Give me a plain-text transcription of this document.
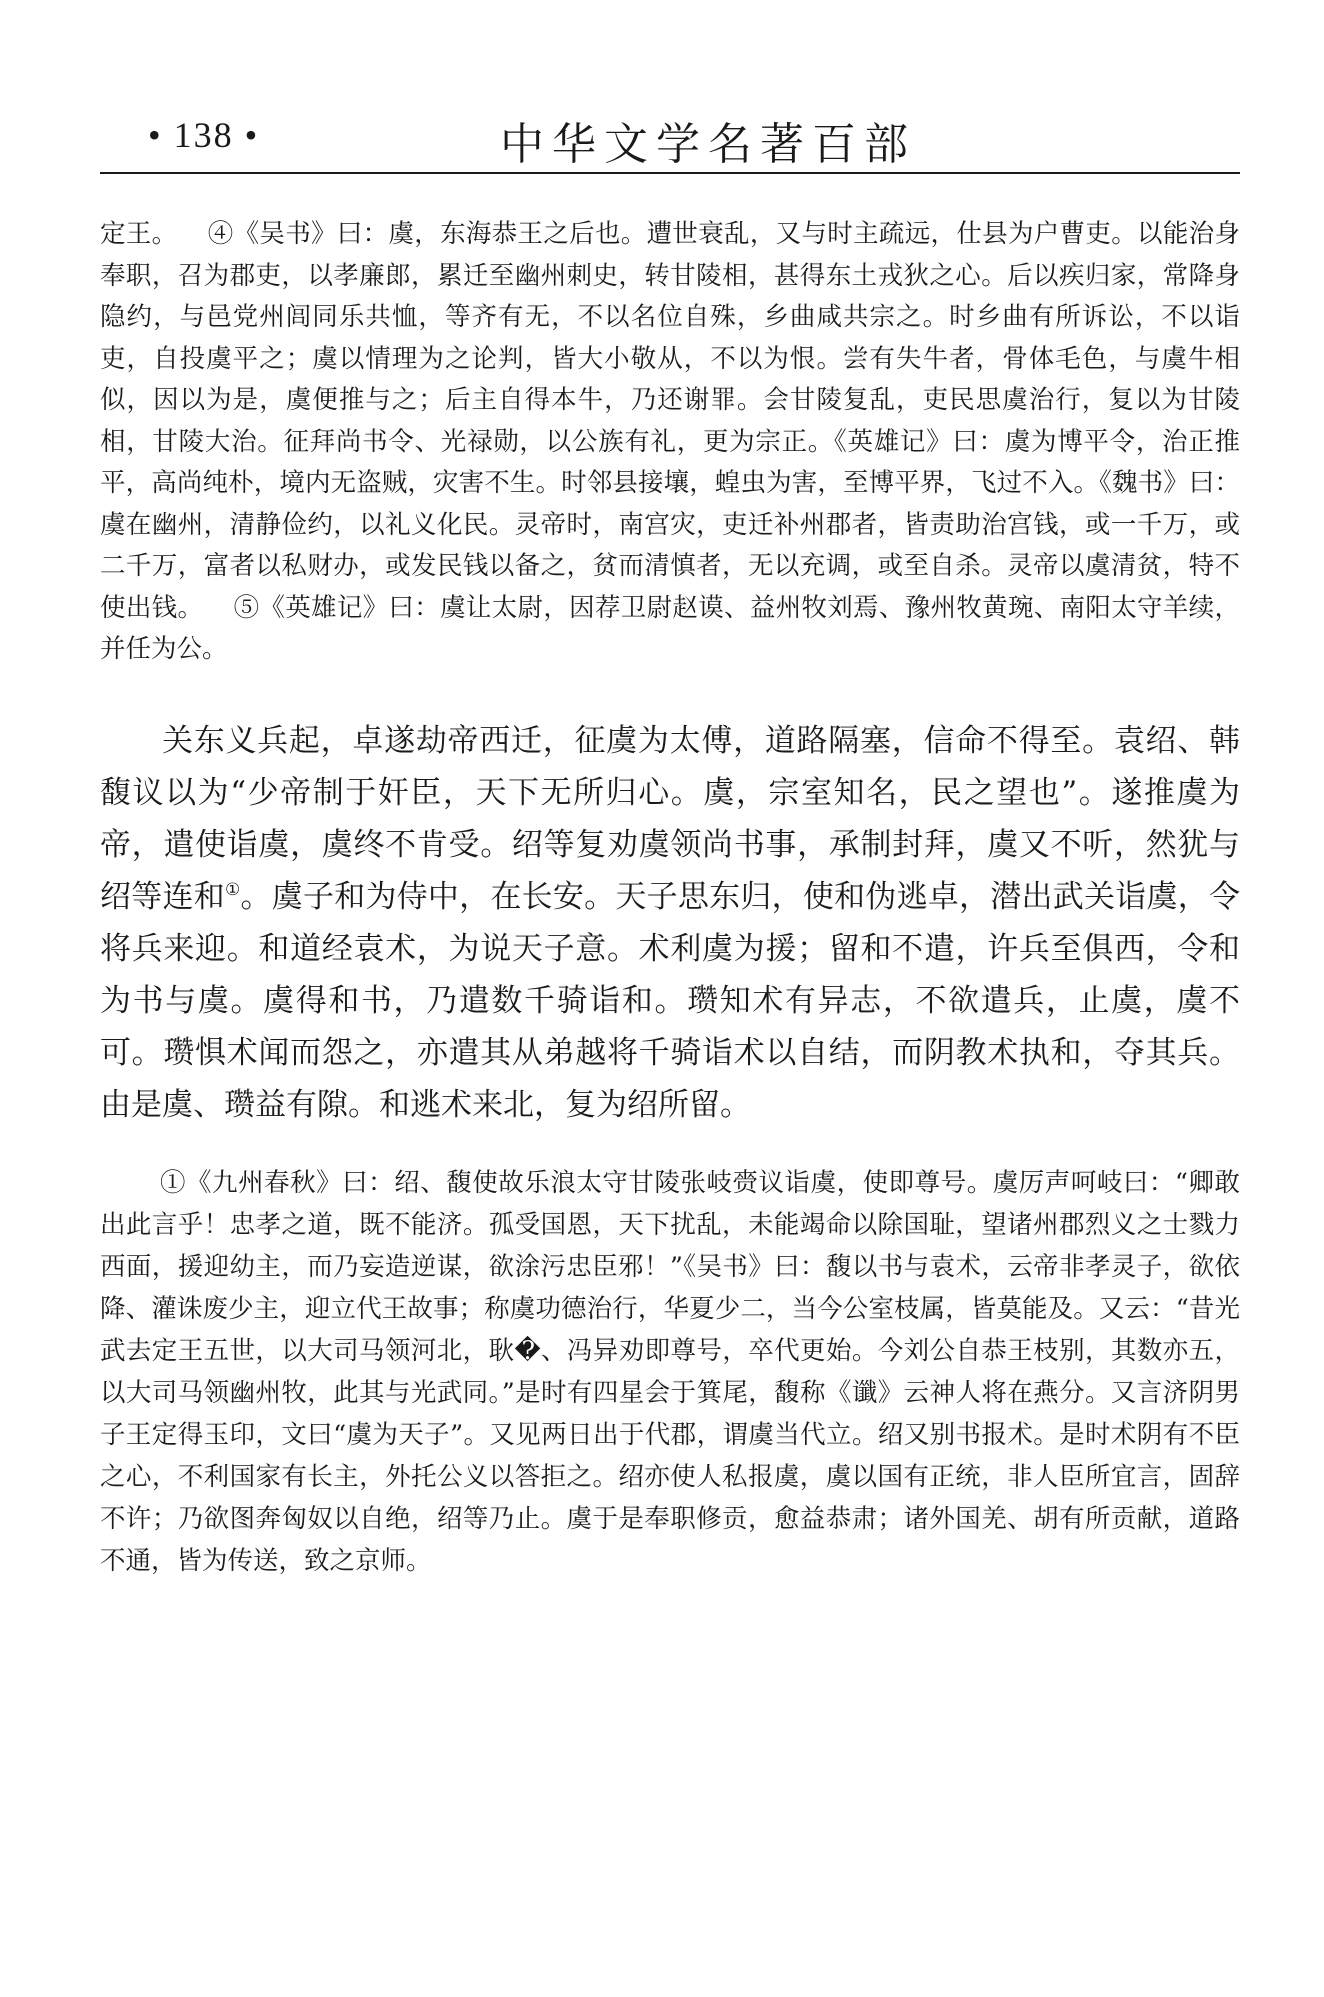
• 138 •	中华文学名著百部

定王。 ④《吴书》曰：虞，东海恭王之后也。遭世衰乱，又与时主疏远，仕县为户曹吏。以能治身奉职，召为郡吏，以孝廉郎，累迁至幽州刺史，转甘陵相，甚得东土戎狄之心。后以疾归家，常降身隐约，与邑党州闾同乐共恤，等齐有无，不以名位自殊，乡曲咸共宗之。时乡曲有所诉讼，不以诣吏，自投虞平之；虞以情理为之论判，皆大小敬从，不以为恨。尝有失牛者，骨体毛色，与虞牛相似，因以为是，虞便推与之；后主自得本牛，乃还谢罪。会甘陵复乱，吏民思虞治行，复以为甘陵相，甘陵大治。征拜尚书令、光禄勋，以公族有礼，更为宗正。《英雄记》曰：虞为博平令，治正推平，高尚纯朴，境内无盗贼，灾害不生。时邻县接壤，蝗虫为害，至博平界，飞过不入。《魏书》曰：虞在幽州，清静俭约，以礼义化民。灵帝时，南宫灾，吏迁补州郡者，皆责助治宫钱，或一千万，或二千万，富者以私财办，或发民钱以备之，贫而清慎者，无以充调，或至自杀。灵帝以虞清贫，特不使出钱。 ⑤《英雄记》曰：虞让太尉，因荐卫尉赵谟、益州牧刘焉、豫州牧黄琬、南阳太守羊续，并任为公。

关东义兵起，卓遂劫帝西迁，征虞为太傅，道路隔塞，信命不得至。袁绍、韩馥议以为“少帝制于奸臣，天下无所归心。虞，宗室知名，民之望也”。遂推虞为帝，遣使诣虞，虞终不肯受。绍等复劝虞领尚书事，承制封拜，虞又不听，然犹与绍等连和①。虞子和为侍中，在长安。天子思东归，使和伪逃卓，潜出武关诣虞，令将兵来迎。和道经袁术，为说天子意。术利虞为援；留和不遣，许兵至俱西，令和为书与虞。虞得和书，乃遣数千骑诣和。瓒知术有异志，不欲遣兵，止虞，虞不可。瓒惧术闻而怨之，亦遣其从弟越将千骑诣术以自结，而阴教术执和，夺其兵。由是虞、瓒益有隙。和逃术来北，复为绍所留。

①《九州春秋》曰：绍、馥使故乐浪太守甘陵张岐赍议诣虞，使即尊号。虞厉声呵岐曰：“卿敢出此言乎！忠孝之道，既不能济。孤受国恩，天下扰乱，未能竭命以除国耻，望诸州郡烈义之士戮力西面，援迎幼主，而乃妄造逆谋，欲涂污忠臣邪！”《吴书》曰：馥以书与袁术，云帝非孝灵子，欲依降、灌诛废少主，迎立代王故事；称虞功德治行，华夏少二，当今公室枝属，皆莫能及。又云：“昔光武去定王五世，以大司马领河北，耿�、冯异劝即尊号，卒代更始。今刘公自恭王枝别，其数亦五，以大司马领幽州牧，此其与光武同。”是时有四星会于箕尾，馥称《谶》云神人将在燕分。又言济阴男子王定得玉印，文曰“虞为天子”。又见两日出于代郡，谓虞当代立。绍又别书报术。是时术阴有不臣之心，不利国家有长主，外托公义以答拒之。绍亦使人私报虞，虞以国有正统，非人臣所宜言，固辞不许；乃欲图奔匈奴以自绝，绍等乃止。虞于是奉职修贡，愈益恭肃；诸外国羌、胡有所贡献，道路不通，皆为传送，致之京师。
